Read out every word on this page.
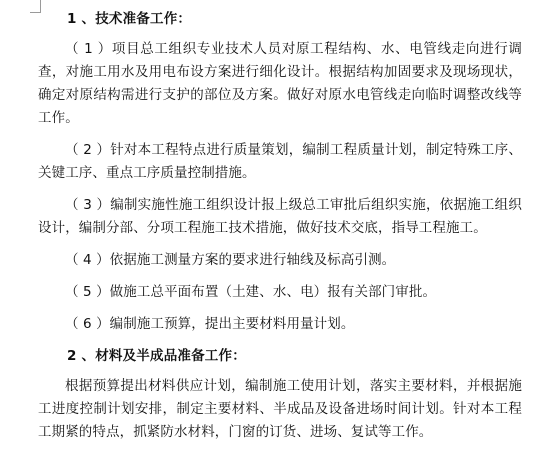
1 、技术准备工作：

（ 1 ）项目总工组织专业技术人员对原工程结构、水、电管线走向进行调查，对施工用水及用电布设方案进行细化设计。根据结构加固要求及现场现状，确定对原结构需进行支护的部位及方案。做好对原水电管线走向临时调整改线等工作。

（ 2 ）针对本工程特点进行质量策划，编制工程质量计划，制定特殊工序、关键工序、重点工序质量控制措施。

（ 3 ）编制实施性施工组织设计报上级总工审批后组织实施，依据施工组织设计，编制分部、分项工程施工技术措施，做好技术交底，指导工程施工。

（ 4 ）依据施工测量方案的要求进行轴线及标高引测。

（ 5 ）做施工总平面布置（土建、水、电）报有关部门审批。

（ 6 ）编制施工预算，提出主要材料用量计划。

2 、材料及半成品准备工作：

根据预算提出材料供应计划，编制施工使用计划，落实主要材料，并根据施工进度控制计划安排，制定主要材料、半成品及设备进场时间计划。针对本工程工期紧的特点，抓紧防水材料，门窗的订货、进场、复试等工作。
